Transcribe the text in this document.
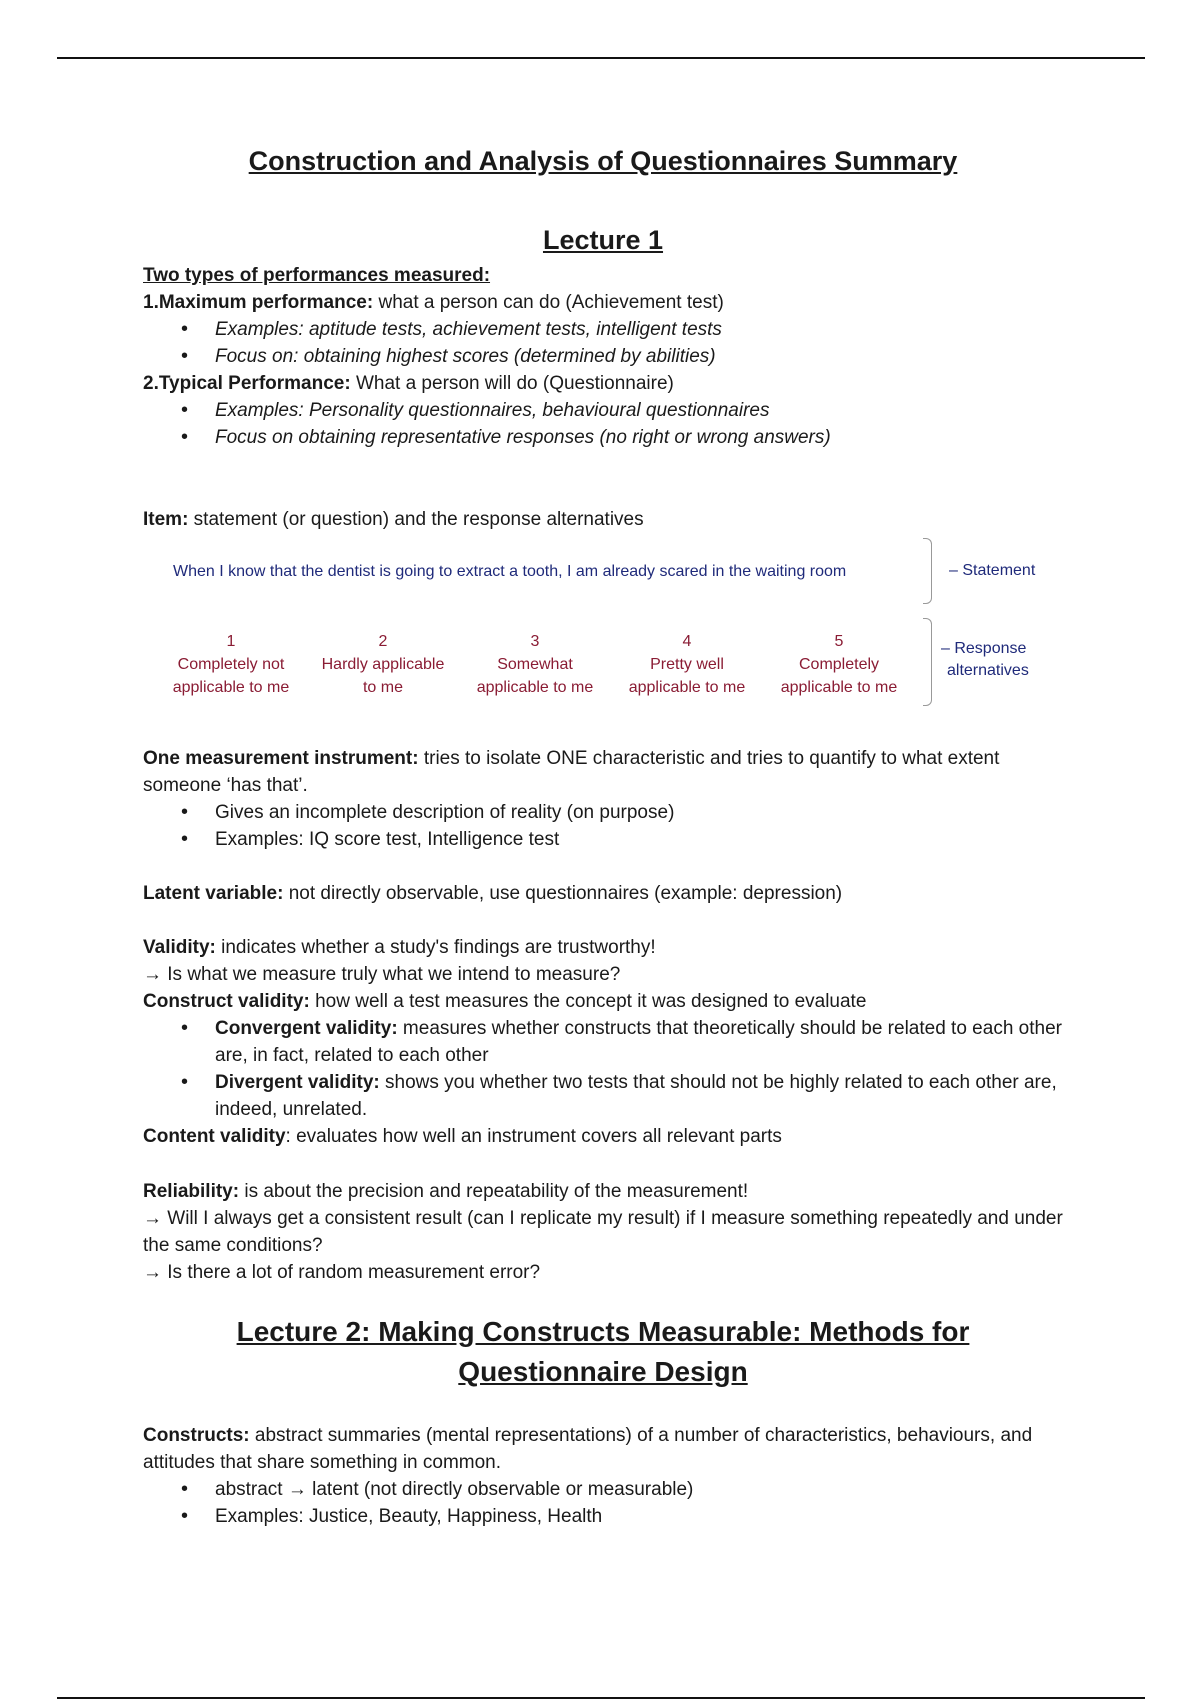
Construction and Analysis of Questionnaires Summary
Lecture 1

Two types of performances measured:

1.Maximum performance: what a person can do (Achievement test)

• Examples: aptitude tests, achievement tests, intelligent tests
• Focus on: obtaining highest scores (determined by abilities)

2.Typical Performance: What a person will do (Questionnaire)

• Examples: Personality questionnaires, behavioural questionnaires
• Focus on obtaining representative responses (no right or wrong answers)

Item: statement (or question) and the response alternatives

When I know that the dentist is going to extract a tooth, I am already scared in the waiting room	– Statement
1
Completely not
applicable to me
2
Hardly applicable
to me
3
Somewhat
applicable to me
4
Pretty well
applicable to me
5
Completely
applicable to me
– Response
alternatives

One measurement instrument: tries to isolate ONE characteristic and tries to quantify to what extent someone ‘has that’.

• Gives an incomplete description of reality (on purpose)
• Examples: IQ score test, Intelligence test

Latent variable: not directly observable, use questionnaires (example: depression)

Validity: indicates whether a study's findings are trustworthy!

→ Is what we measure truly what we intend to measure?

Construct validity: how well a test measures the concept it was designed to evaluate

• Convergent validity: measures whether constructs that theoretically should be related to each other are, in fact, related to each other
• Divergent validity: shows you whether two tests that should not be highly related to each other are, indeed, unrelated.

Content validity: evaluates how well an instrument covers all relevant parts

Reliability: is about the precision and repeatability of the measurement!

→ Will I always get a consistent result (can I replicate my result) if I measure something repeatedly and under the same conditions?

→ Is there a lot of random measurement error?

Lecture 2: Making Constructs Measurable: Methods for
Questionnaire Design

Constructs: abstract summaries (mental representations) of a number of characteristics, behaviours, and attitudes that share something in common.

• abstract → latent (not directly observable or measurable)
• Examples: Justice, Beauty, Happiness, Health
